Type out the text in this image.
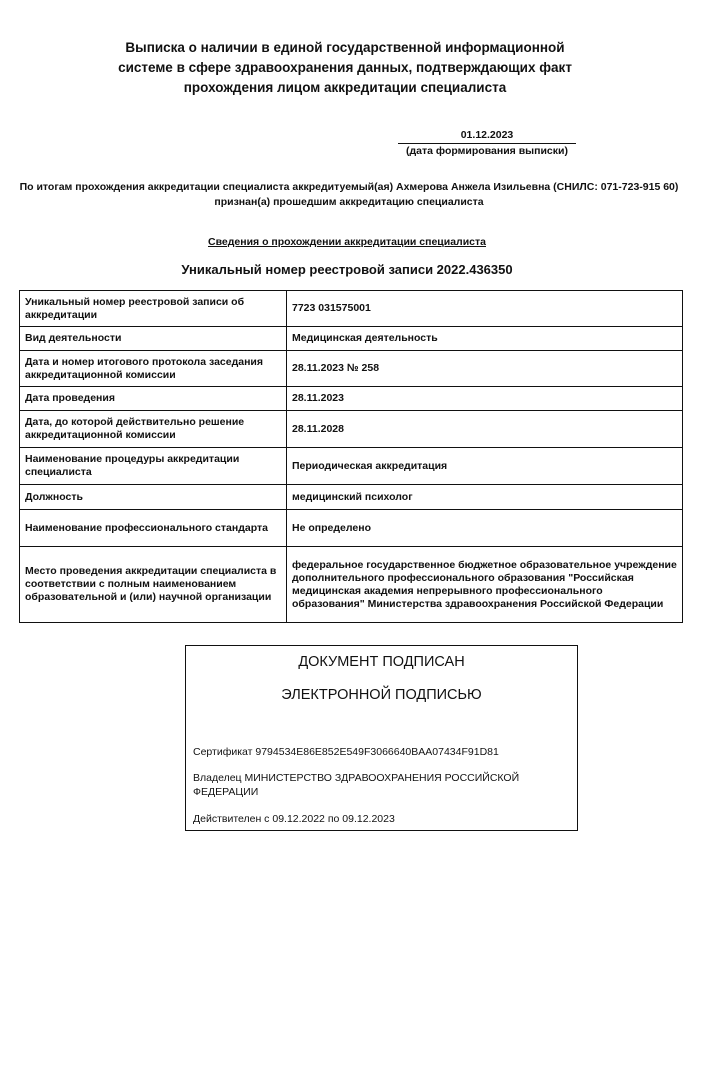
Выписка о наличии в единой государственной информационной
системе в сфере здравоохранения данных, подтверждающих факт
прохождения лицом аккредитации специалиста
01.12.2023
(дата формирования выписки)
По итогам прохождения аккредитации специалиста аккредитуемый(ая) Ахмерова Анжела Изильевна (СНИЛС: 071-723-915 60) признан(а) прошедшим аккредитацию специалиста
Сведения о прохождении аккредитации специалиста
Уникальный номер реестровой записи 2022.436350
Уникальный номер реестровой записи об аккредитации	7723 031575001
Вид деятельности	Медицинская деятельность
Дата и номер итогового протокола заседания аккредитационной комиссии	28.11.2023 № 258
Дата проведения	28.11.2023
Дата, до которой действительно решение аккредитационной комиссии	28.11.2028
Наименование процедуры аккредитации специалиста	Периодическая аккредитация
Должность	медицинский психолог
Наименование профессионального стандарта	Не определено
Место проведения аккредитации специалиста в соответствии с полным наименованием образовательной и (или) научной организации	федеральное государственное бюджетное образовательное учреждение дополнительного профессионального образования "Российская медицинская академия непрерывного профессионального образования" Министерства здравоохранения Российской Федерации
ДОКУМЕНТ ПОДПИСАН
ЭЛЕКТРОННОЙ ПОДПИСЬЮ
Сертификат 9794534E86E852E549F3066640BAA07434F91D81
Владелец МИНИСТЕРСТВО ЗДРАВООХРАНЕНИЯ РОССИЙСКОЙ ФЕДЕРАЦИИ
Действителен с 09.12.2022 по 09.12.2023
